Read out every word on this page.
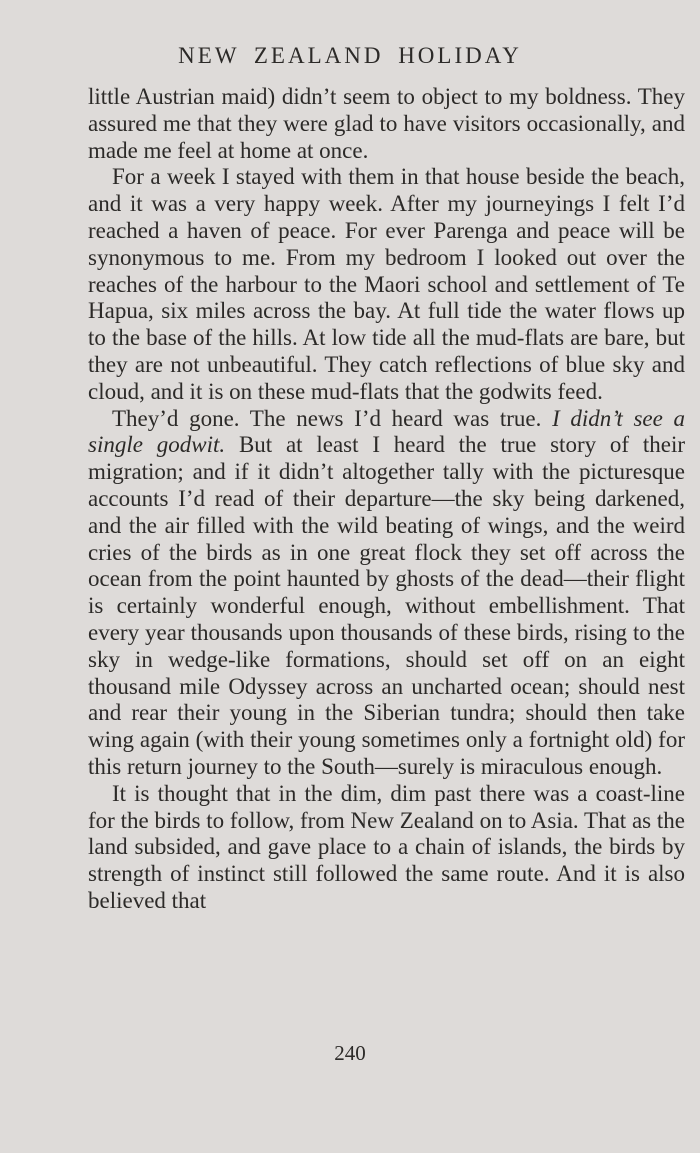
NEW ZEALAND HOLIDAY

little Austrian maid) didn’t seem to object to my boldness. They assured me that they were glad to have visitors occasionally, and made me feel at home at once.

For a week I stayed with them in that house beside the beach, and it was a very happy week. After my journeyings I felt I’d reached a haven of peace. For ever Parenga and peace will be synonymous to me. From my bedroom I looked out over the reaches of the harbour to the Maori school and settlement of Te Hapua, six miles across the bay. At full tide the water flows up to the base of the hills. At low tide all the mud-flats are bare, but they are not unbeautiful. They catch reflections of blue sky and cloud, and it is on these mud-flats that the godwits feed.

They’d gone. The news I’d heard was true. I didn’t see a single godwit. But at least I heard the true story of their migration; and if it didn’t altogether tally with the picturesque accounts I’d read of their departure—the sky being darkened, and the air filled with the wild beating of wings, and the weird cries of the birds as in one great flock they set off across the ocean from the point haunted by ghosts of the dead—their flight is certainly wonderful enough, without embellishment. That every year thousands upon thousands of these birds, rising to the sky in wedge-like formations, should set off on an eight thousand mile Odyssey across an uncharted ocean; should nest and rear their young in the Siberian tundra; should then take wing again (with their young sometimes only a fortnight old) for this return journey to the South—surely is miraculous enough.

It is thought that in the dim, dim past there was a coast-line for the birds to follow, from New Zealand on to Asia. That as the land subsided, and gave place to a chain of islands, the birds by strength of instinct still followed the same route. And it is also believed that

240
